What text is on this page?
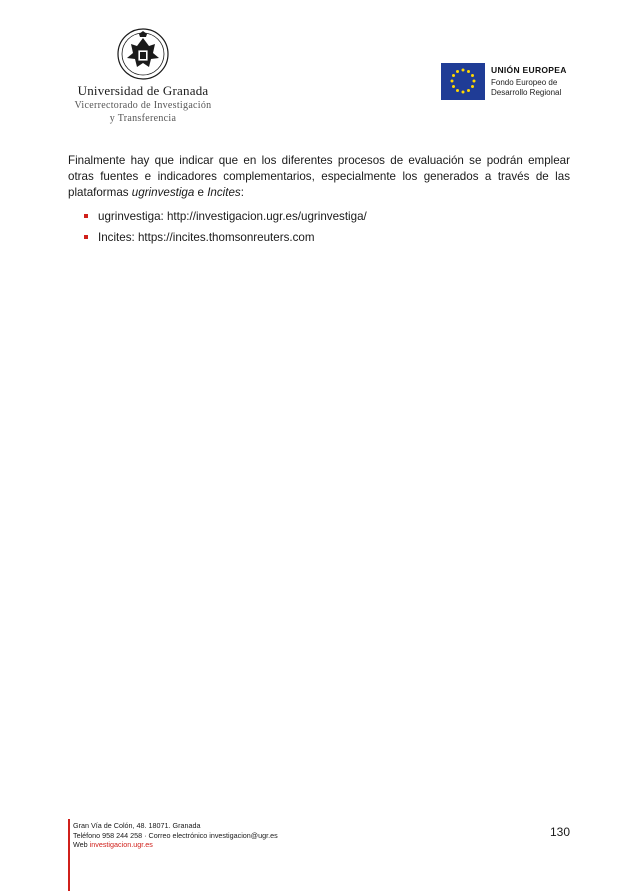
Universidad de Granada
Vicerrectorado de Investigación
y Transferencia
UNIÓN EUROPEA
Fondo Europeo de
Desarrollo Regional

Finalmente hay que indicar que en los diferentes procesos de evaluación se podrán emplear otras fuentes e indicadores complementarios, especialmente los generados a través de las plataformas ugrinvestiga e Incites:

ugrinvestiga: http://investigacion.ugr.es/ugrinvestiga/
Incites: https://incites.thomsonreuters.com
Gran Vía de Colón, 48. 18071. Granada
Teléfono 958 244 258 · Correo electrónico investigacion@ugr.es
Web investigacion.ugr.es
130
